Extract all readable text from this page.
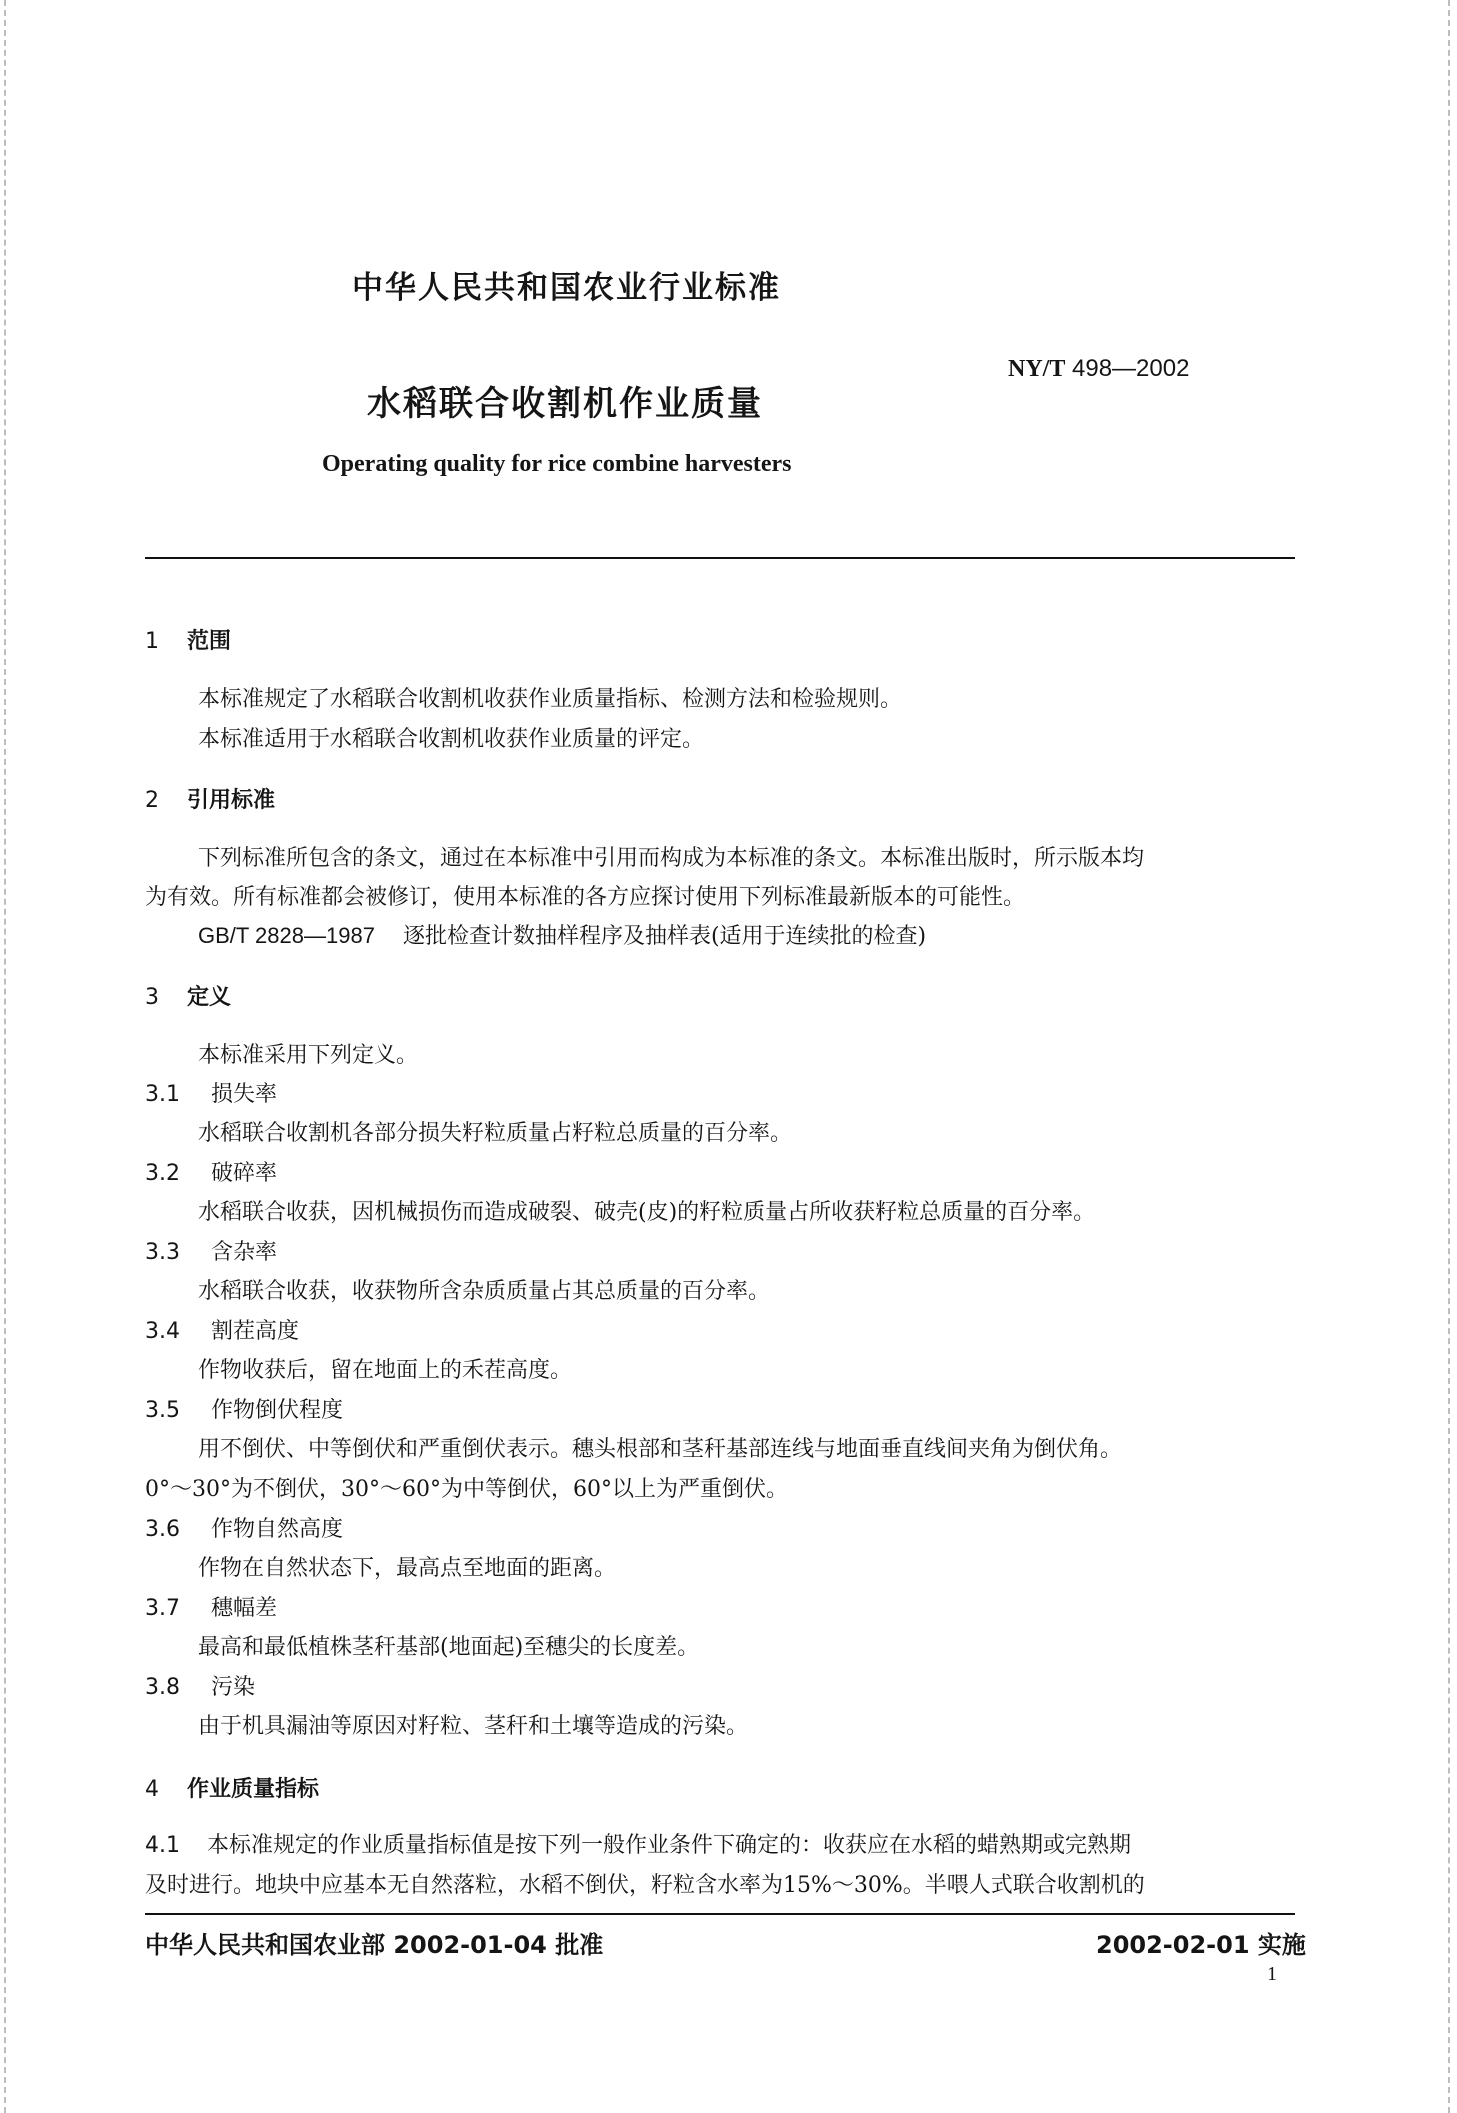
中华人民共和国农业行业标准
NY/T 498—2002
水稻联合收割机作业质量
Operating quality for rice combine harvesters
1 范围
本标准规定了水稻联合收割机收获作业质量指标、检测方法和检验规则。
本标准适用于水稻联合收割机收获作业质量的评定。
2 引用标准
下列标准所包含的条文，通过在本标准中引用而构成为本标准的条文。本标准出版时，所示版本均
为有效。所有标准都会被修订，使用本标准的各方应探讨使用下列标准最新版本的可能性。
GB/T 2828—1987 逐批检查计数抽样程序及抽样表(适用于连续批的检查)
3 定义
本标准采用下列定义。
3.1 损失率
水稻联合收割机各部分损失籽粒质量占籽粒总质量的百分率。
3.2 破碎率
水稻联合收获，因机械损伤而造成破裂、破壳(皮)的籽粒质量占所收获籽粒总质量的百分率。
3.3 含杂率
水稻联合收获，收获物所含杂质质量占其总质量的百分率。
3.4 割茬高度
作物收获后，留在地面上的禾茬高度。
3.5 作物倒伏程度
用不倒伏、中等倒伏和严重倒伏表示。穗头根部和茎秆基部连线与地面垂直线间夹角为倒伏角。
0°～30°为不倒伏，30°～60°为中等倒伏，60°以上为严重倒伏。
3.6 作物自然高度
作物在自然状态下，最高点至地面的距离。
3.7 穗幅差
最高和最低植株茎秆基部(地面起)至穗尖的长度差。
3.8 污染
由于机具漏油等原因对籽粒、茎秆和土壤等造成的污染。
4 作业质量指标
4.1 本标准规定的作业质量指标值是按下列一般作业条件下确定的：收获应在水稻的蜡熟期或完熟期
及时进行。地块中应基本无自然落粒，水稻不倒伏，籽粒含水率为15%～30%。半喂人式联合收割机的
中华人民共和国农业部 2002-01-04 批准	2002-02-01 实施
1
